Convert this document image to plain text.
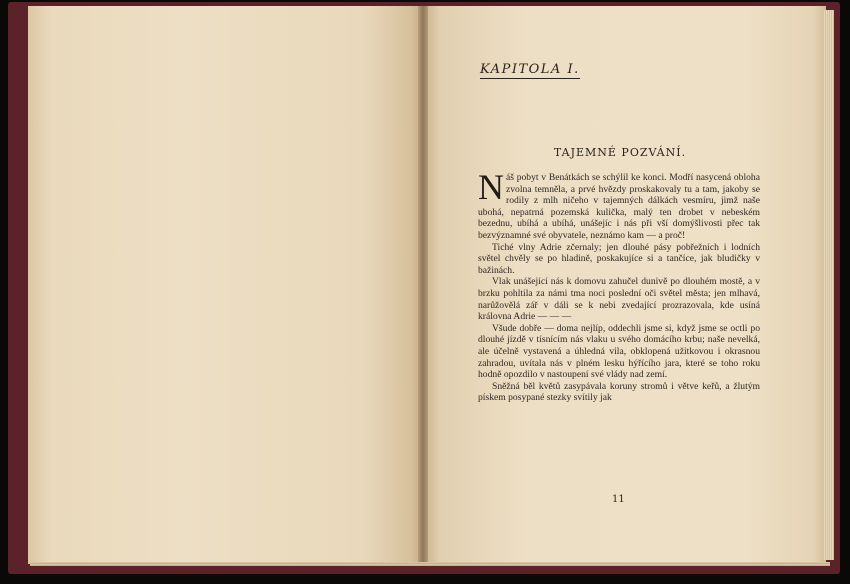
KAPITOLA I.
TAJEMNÉ POZVÁNÍ.

Náš pobyt v Benátkách se schýlil ke konci. Modří nasycená obloha zvolna temněla, a prvé hvězdy proskakovaly tu a tam, jakoby se rodily z mlh ničeho v tajemných dálkách vesmíru, jimž naše ubohá, nepatrná pozemská kulička, malý ten drobet v nebeském bezednu, ubíhá a ubíhá, unášejíc i nás při vší domýšlivosti přec tak bezvýznamné své obyvatele, neznámo kam — a proč!

Tiché vlny Adrie zčernaly; jen dlouhé pásy pobřežních i lodních světel chvěly se po hladině, poskakujíce si a tančíce, jak bludičky v bažinách.

Vlak unášející nás k domovu zahučel dunivě po dlouhém mostě, a v brzku pohltila za námi tma noci poslední oči světel města; jen mlhavá, narůžovělá zář v dáli se k nebi zvedající prozrazovala, kde usíná královna Adrie — — —

Všude dobře — doma nejlíp, oddechli jsme si, když jsme se octli po dlouhé jízdě v tísnícím nás vlaku u svého domácího krbu; naše nevelká, ale účelně vystavená a úhledná vila, obklopená užitkovou i okrasnou zahradou, uvítala nás v plném lesku hýřícího jara, které se toho roku hodně opozdilo v nastoupení své vlády nad zemí.

Sněžná běl květů zasypávala koruny stromů i větve keřů, a žlutým pískem posypané stezky svítily jak

11
